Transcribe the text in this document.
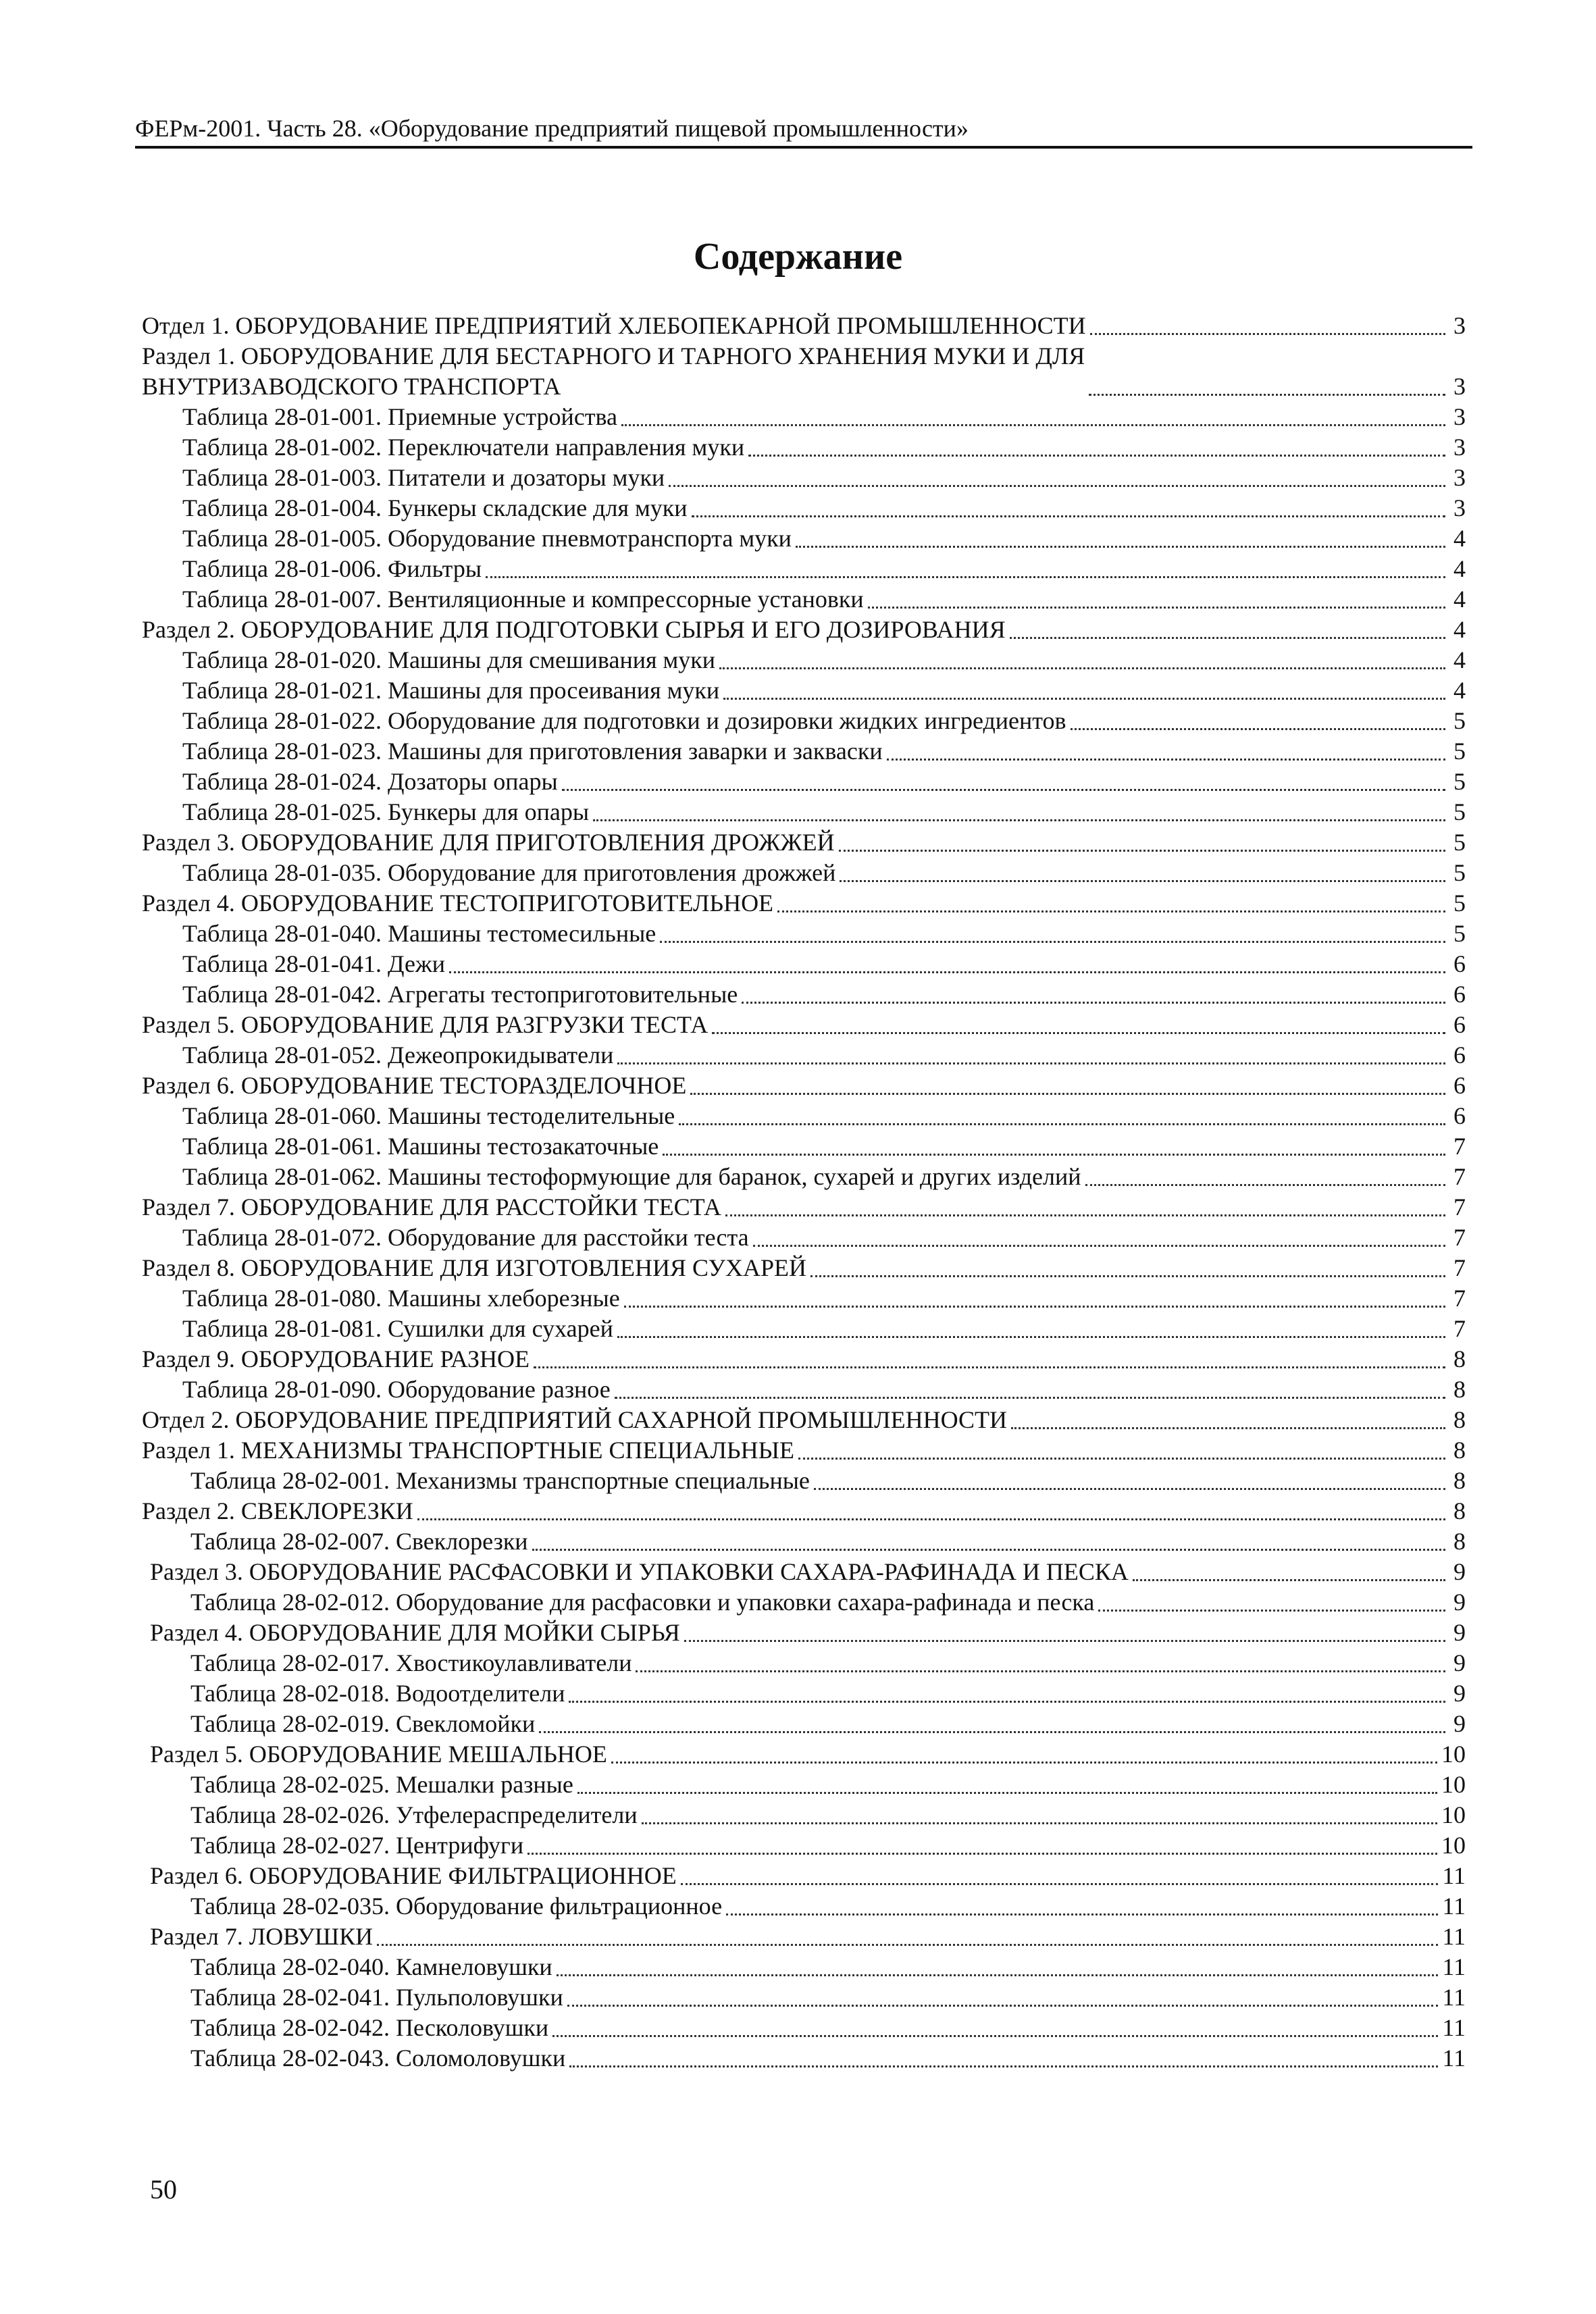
ФЕРм-2001. Часть 28. «Оборудование предприятий пищевой промышленности»
Содержание
Отдел 1. ОБОРУДОВАНИЕ ПРЕДПРИЯТИЙ ХЛЕБОПЕКАРНОЙ ПРОМЫШЛЕННОСТИ	3
Раздел 1. ОБОРУДОВАНИЕ ДЛЯ БЕСТАРНОГО И ТАРНОГО ХРАНЕНИЯ МУКИ И ДЛЯ
ВНУТРИЗАВОДСКОГО ТРАНСПОРТА	3
Таблица 28-01-001. Приемные устройства	3
Таблица 28-01-002. Переключатели направления муки	3
Таблица 28-01-003. Питатели и дозаторы муки	3
Таблица 28-01-004. Бункеры складские для муки	3
Таблица 28-01-005. Оборудование пневмотранспорта муки	4
Таблица 28-01-006. Фильтры	4
Таблица 28-01-007. Вентиляционные и компрессорные установки	4
Раздел 2. ОБОРУДОВАНИЕ ДЛЯ ПОДГОТОВКИ СЫРЬЯ И ЕГО ДОЗИРОВАНИЯ	4
Таблица 28-01-020. Машины для смешивания муки	4
Таблица 28-01-021. Машины для просеивания муки	4
Таблица 28-01-022. Оборудование для подготовки и дозировки жидких ингредиентов	5
Таблица 28-01-023. Машины для приготовления заварки и закваски	5
Таблица 28-01-024. Дозаторы опары	5
Таблица 28-01-025. Бункеры для опары	5
Раздел 3. ОБОРУДОВАНИЕ ДЛЯ ПРИГОТОВЛЕНИЯ ДРОЖЖЕЙ	5
Таблица 28-01-035. Оборудование для приготовления дрожжей	5
Раздел 4. ОБОРУДОВАНИЕ ТЕСТОПРИГОТОВИТЕЛЬНОЕ	5
Таблица 28-01-040. Машины тестомесильные	5
Таблица 28-01-041. Дежи	6
Таблица 28-01-042. Агрегаты тестоприготовительные	6
Раздел 5. ОБОРУДОВАНИЕ ДЛЯ РАЗГРУЗКИ ТЕСТА	6
Таблица 28-01-052. Дежеопрокидыватели	6
Раздел 6. ОБОРУДОВАНИЕ ТЕСТОРАЗДЕЛОЧНОЕ	6
Таблица 28-01-060. Машины тестоделительные	6
Таблица 28-01-061. Машины тестозакаточные	7
Таблица 28-01-062. Машины тестоформующие для баранок, сухарей и других изделий	7
Раздел 7. ОБОРУДОВАНИЕ ДЛЯ РАССТОЙКИ ТЕСТА	7
Таблица 28-01-072. Оборудование для расстойки теста	7
Раздел 8. ОБОРУДОВАНИЕ ДЛЯ ИЗГОТОВЛЕНИЯ СУХАРЕЙ	7
Таблица 28-01-080. Машины хлеборезные	7
Таблица 28-01-081. Сушилки для сухарей	7
Раздел 9. ОБОРУДОВАНИЕ РАЗНОЕ	8
Таблица 28-01-090. Оборудование разное	8
Отдел 2. ОБОРУДОВАНИЕ ПРЕДПРИЯТИЙ САХАРНОЙ ПРОМЫШЛЕННОСТИ	8
Раздел 1. МЕХАНИЗМЫ ТРАНСПОРТНЫЕ СПЕЦИАЛЬНЫЕ	8
Таблица 28-02-001. Механизмы транспортные специальные	8
Раздел 2. СВЕКЛОРЕЗКИ	8
Таблица 28-02-007. Свеклорезки	8
Раздел 3. ОБОРУДОВАНИЕ РАСФАСОВКИ И УПАКОВКИ САХАРА-РАФИНАДА И ПЕСКА	9
Таблица 28-02-012. Оборудование для расфасовки и упаковки сахара-рафинада и песка	9
Раздел 4. ОБОРУДОВАНИЕ ДЛЯ МОЙКИ СЫРЬЯ	9
Таблица 28-02-017. Хвостикоулавливатели	9
Таблица 28-02-018. Водоотделители	9
Таблица 28-02-019. Свекломойки	9
Раздел 5. ОБОРУДОВАНИЕ МЕШАЛЬНОЕ	10
Таблица 28-02-025. Мешалки разные	10
Таблица 28-02-026. Утфелераспределители	10
Таблица 28-02-027. Центрифуги	10
Раздел 6. ОБОРУДОВАНИЕ ФИЛЬТРАЦИОННОЕ	11
Таблица 28-02-035. Оборудование фильтрационное	11
Раздел 7. ЛОВУШКИ	11
Таблица 28-02-040. Камнеловушки	11
Таблица 28-02-041. Пульполовушки	11
Таблица 28-02-042. Песколовушки	11
Таблица 28-02-043. Соломоловушки	11
50
